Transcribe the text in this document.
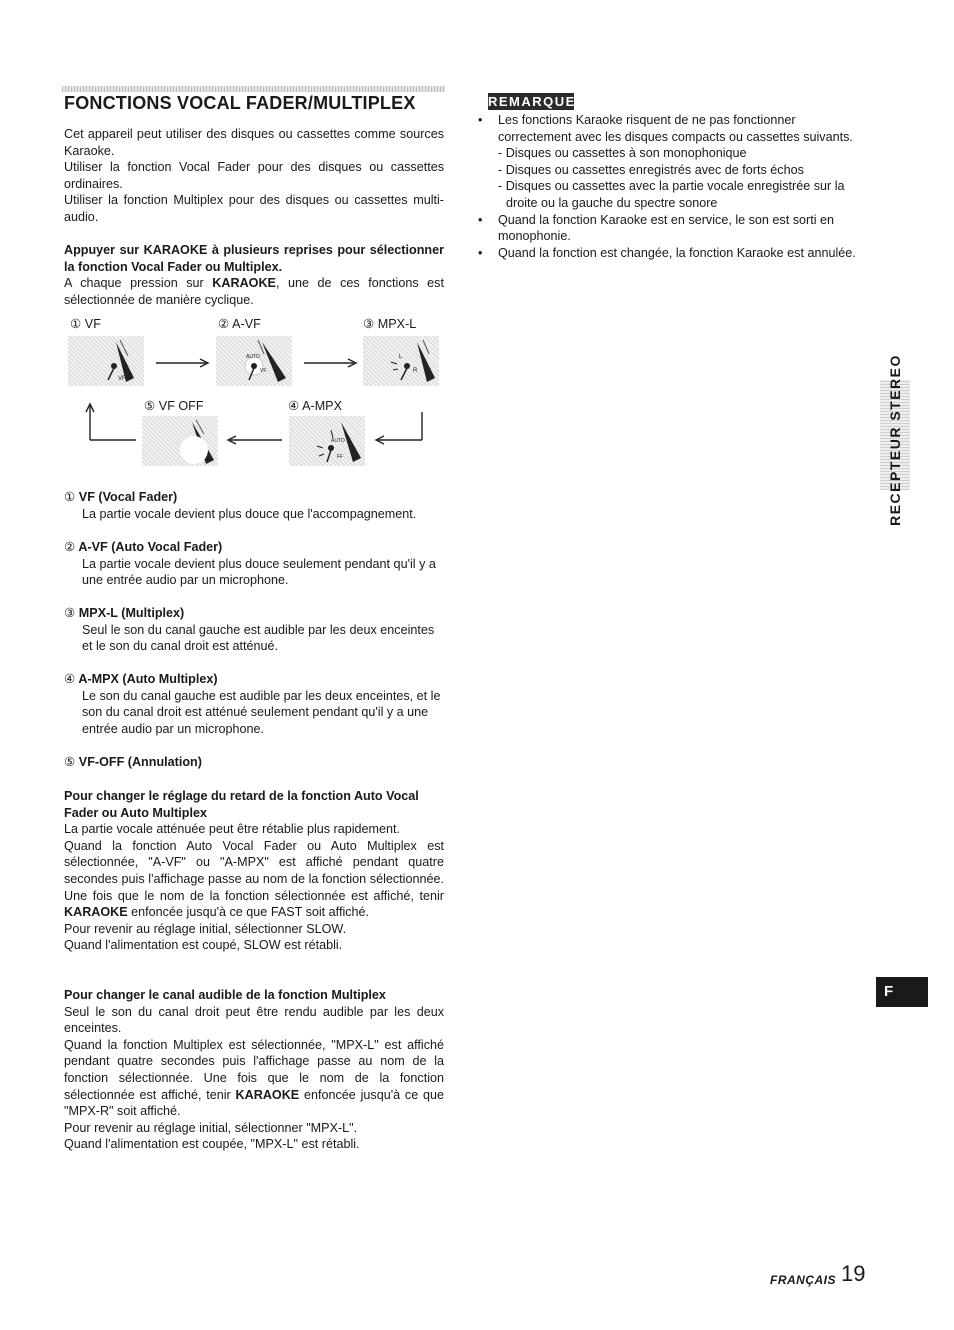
FONCTIONS VOCAL FADER/MULTIPLEX

Cet appareil peut utiliser des disques ou cassettes comme sources Karaoke.

Utiliser la fonction Vocal Fader pour des disques ou cassettes ordinaires.

Utiliser la fonction Multiplex pour des disques ou cassettes multi-audio.

Appuyer sur KARAOKE à plusieurs reprises pour sélectionner la fonction Vocal Fader ou Multiplex.

A chaque pression sur KARAOKE, une de ces fonctions est sélectionnée de manière cyclique.

① VF	② A-VF	③ MPX-L
④ A-MPX
⑤ VF OFF
VF
AUTO
VF
L
R
AUTO
FF

① VF (Vocal Fader)

La partie vocale devient plus douce que l'accompagnement.

② A-VF (Auto Vocal Fader)

La partie vocale devient plus douce seulement pendant qu'il y a une entrée audio par un microphone.

③ MPX-L (Multiplex)

Seul le son du canal gauche est audible par les deux enceintes et le son du canal droit est atténué.

④ A-MPX (Auto Multiplex)

Le son du canal gauche est audible par les deux enceintes, et le son du canal droit est atténué seulement pendant qu'il y a une entrée audio par un microphone.

⑤ VF-OFF (Annulation)

Pour changer le réglage du retard de la fonction Auto Vocal Fader ou Auto Multiplex

La partie vocale atténuée peut être rétablie plus rapidement.

Quand la fonction Auto Vocal Fader ou Auto Multiplex est sélectionnée, "A-VF" ou "A-MPX" est affiché pendant quatre secondes puis l'affichage passe au nom de la fonction sélectionnée. Une fois que le nom de la fonction sélectionnée est affiché, tenir KARAOKE enfoncée jusqu'à ce que FAST soit affiché.

Pour revenir au réglage initial, sélectionner SLOW.

Quand l'alimentation est coupé, SLOW est rétabli.

Pour changer le canal audible de la fonction Multiplex

Seul le son du canal droit peut être rendu audible par les deux enceintes.

Quand la fonction Multiplex est sélectionnée, "MPX-L" est affiché pendant quatre secondes puis l'affichage passe au nom de la fonction sélectionnée. Une fois que le nom de la fonction sélectionnée est affiché, tenir KARAOKE enfoncée jusqu'à ce que "MPX-R" soit affiché.

Pour revenir au réglage initial, sélectionner "MPX-L".

Quand l'alimentation est coupée, "MPX-L" est rétabli.

REMARQUE
• Les fonctions Karaoke risquent de ne pas fonctionner correctement avec les disques compacts ou cassettes suivants.
- Disques ou cassettes à son monophonique
- Disques ou cassettes enregistrés avec de forts échos
- Disques ou cassettes avec la partie vocale enregistrée sur la droite ou la gauche du spectre sonore
• Quand la fonction Karaoke est en service, le son est sorti en monophonie.
• Quand la fonction est changée, la fonction Karaoke est annulée.
RECEPTEUR STEREO
F
FRANÇAIS 19
